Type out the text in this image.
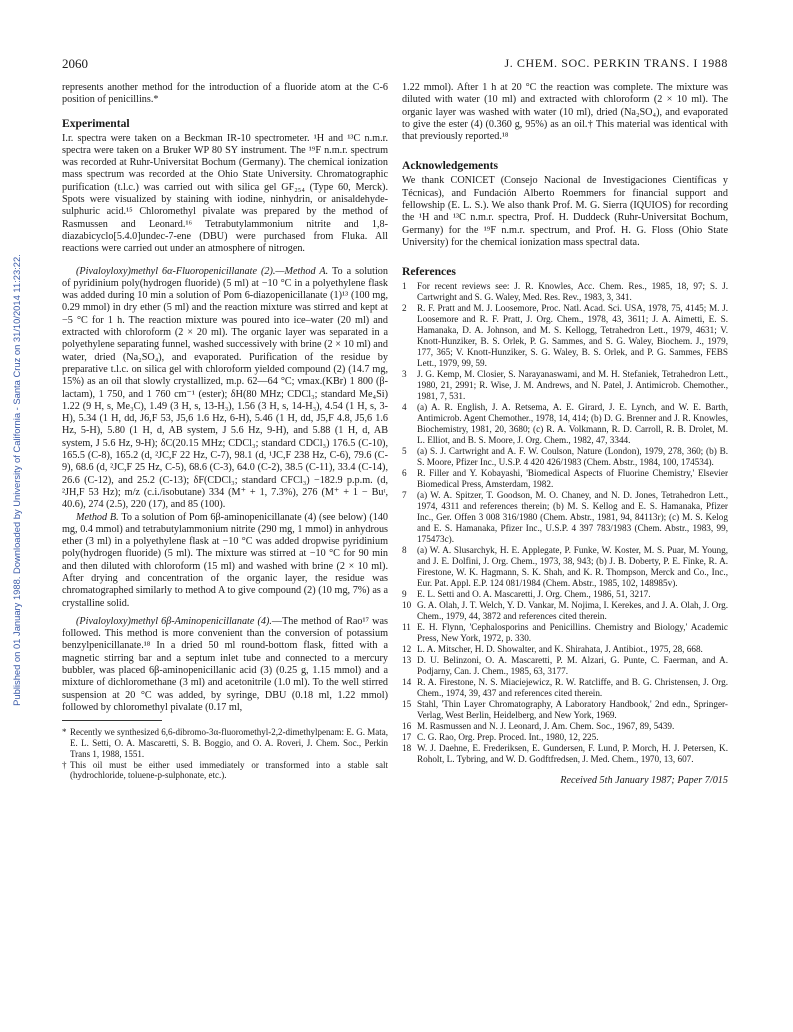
Published on 01 January 1988. Downloaded by University of California - Santa Cruz on 31/10/2014 11:23:22.
2060	J. CHEM. SOC. PERKIN TRANS. I 1988

represents another method for the introduction of a fluoride atom at the C-6 position of penicillins.*

Experimental

I.r. spectra were taken on a Beckman IR-10 spectrometer. ¹H and ¹³C n.m.r. spectra were taken on a Bruker WP 80 SY instrument. The ¹⁹F n.m.r. spectrum was recorded at Ruhr-Universitat Bochum (Germany). The chemical ionization mass spectrum was recorded at the Ohio State University. Chromatographic purification (t.l.c.) was carried out with silica gel GF₂₅₄ (Type 60, Merck). Spots were visualized by staining with iodine, ninhydrin, or anisaldehyde-sulphuric acid.¹⁵ Chloromethyl pivalate was prepared by the method of Rasmussen and Leonard.¹⁶ Tetrabutylammonium nitrite and 1,8-diazabicyclo[5.4.0]undec-7-ene (DBU) were purchased from Fluka. All reactions were carried out under an atmosphere of nitrogen.

(Pivaloyloxy)methyl 6α-Fluoropenicillanate (2).—Method A. To a solution of pyridinium poly(hydrogen fluoride) (5 ml) at −10 °C in a polyethylene flask was added during 10 min a solution of Pom 6-diazopenicillanate (1)¹³ (100 mg, 0.29 mmol) in dry ether (5 ml) and the reaction mixture was stirred and kept at −5 °C for 1 h. The reaction mixture was poured into ice–water (20 ml) and extracted with chloroform (2 × 20 ml). The organic layer was separated in a polyethylene separating funnel, washed successively with brine (2 × 10 ml) and water, dried (Na₂SO₄), and evaporated. Purification of the residue by preparative t.l.c. on silica gel with chloroform yielded compound (2) (14.7 mg, 15%) as an oil that slowly crystallized, m.p. 62—64 °C; νmax.(KBr) 1 800 (β-lactam), 1 750, and 1 760 cm⁻¹ (ester); δH(80 MHz; CDCl₃; standard Me₄Si) 1.22 (9 H, s, Me₃C), 1.49 (3 H, s, 13-H₃), 1.56 (3 H, s, 14-H₃), 4.54 (1 H, s, 3-H), 5.34 (1 H, dd, J6,F 53, J5,6 1.6 Hz, 6-H), 5.46 (1 H, dd, J5,F 4.8, J5,6 1.6 Hz, 5-H), 5.80 (1 H, d, AB system, J 5.6 Hz, 9-H), and 5.88 (1 H, d, AB system, J 5.6 Hz, 9-H); δC(20.15 MHz; CDCl₃; standard CDCl₃) 176.5 (C-10), 165.5 (C-8), 165.2 (d, ²JC,F 22 Hz, C-7), 98.1 (d, ¹JC,F 238 Hz, C-6), 79.6 (C-9), 68.6 (d, ²JC,F 25 Hz, C-5), 68.6 (C-3), 64.0 (C-2), 38.5 (C-11), 33.4 (C-14), 26.6 (C-12), and 25.2 (C-13); δF(CDCl₃; standard CFCl₃) −182.9 p.p.m. (d, ²JH,F 53 Hz); m/z (c.i./isobutane) 334 (M⁺ + 1, 7.3%), 276 (M⁺ + 1 − Buᵗ, 40.6), 274 (2.5), 220 (17), and 85 (100).

Method B. To a solution of Pom 6β-aminopenicillanate (4) (see below) (140 mg, 0.4 mmol) and tetrabutylammonium nitrite (290 mg, 1 mmol) in anhydrous ether (3 ml) in a polyethylene flask at −10 °C was added dropwise pyridinium poly(hydrogen fluoride) (5 ml). The mixture was stirred at −10 °C for 90 min and then diluted with chloroform (15 ml) and washed with brine (2 × 10 ml). After drying and concentration of the organic layer, the residue was chromatographed similarly to method A to give compound (2) (10 mg, 7%) as a crystalline solid.

(Pivaloyloxy)methyl 6β-Aminopenicillanate (4).—The method of Rao¹⁷ was followed. This method is more convenient than the conversion of potassium benzylpenicillanate.¹⁸ In a dried 50 ml round-bottom flask, fitted with a magnetic stirring bar and a septum inlet tube and connected to a mercury bubbler, was placed 6β-aminopenicillanic acid (3) (0.25 g, 1.15 mmol) and a mixture of dichloromethane (3 ml) and acetonitrile (1.0 ml). To the well stirred suspension at 20 °C was added, by syringe, DBU (0.18 ml, 1.22 mmol) followed by chloromethyl pivalate (0.17 ml,

* Recently we synthesized 6,6-dibromo-3α-fluoromethyl-2,2-dimethylpenam: E. G. Mata, E. L. Setti, O. A. Mascaretti, S. B. Boggio, and O. A. Roveri, J. Chem. Soc., Perkin Trans 1, 1988, 1551.
† This oil must be either used immediately or transformed into a stable salt (hydrochloride, toluene-p-sulphonate, etc.).

1.22 mmol). After 1 h at 20 °C the reaction was complete. The mixture was diluted with water (10 ml) and extracted with chloroform (2 × 10 ml). The organic layer was washed with water (10 ml), dried (Na₂SO₄), and evaporated to give the ester (4) (0.360 g, 95%) as an oil.† This material was identical with that previously reported.¹⁸

Acknowledgements

We thank CONICET (Consejo Nacional de Investigaciones Científicas y Técnicas), and Fundación Alberto Roemmers for financial support and fellowship (E. L. S.). We also thank Prof. M. G. Sierra (IQUIOS) for recording the ¹H and ¹³C n.m.r. spectra, Prof. H. Duddeck (Ruhr-Universitat Bochum, Germany) for the ¹⁹F n.m.r. spectrum, and Prof. H. G. Floss (Ohio State University) for the chemical ionization mass spectral data.

References
1 For recent reviews see: J. R. Knowles, Acc. Chem. Res., 1985, 18, 97; S. J. Cartwright and S. G. Waley, Med. Res. Rev., 1983, 3, 341.
2 R. F. Pratt and M. J. Loosemore, Proc. Natl. Acad. Sci. USA, 1978, 75, 4145; M. J. Loosemore and R. F. Pratt, J. Org. Chem., 1978, 43, 3611; J. A. Aimetti, E. S. Hamanaka, D. A. Johnson, and M. S. Kellogg, Tetrahedron Lett., 1979, 4631; V. Knott-Hunziker, B. S. Orlek, P. G. Sammes, and S. G. Waley, Biochem. J., 1979, 177, 365; V. Knott-Hunziker, S. G. Waley, B. S. Orlek, and P. G. Sammes, FEBS Lett., 1979, 99, 59.
3 J. G. Kemp, M. Closier, S. Narayanaswami, and M. H. Stefaniek, Tetrahedron Lett., 1980, 21, 2991; R. Wise, J. M. Andrews, and N. Patel, J. Antimicrob. Chemother., 1981, 7, 531.
4 (a) A. R. English, J. A. Retsema, A. E. Girard, J. E. Lynch, and W. E. Barth, Antimicrob. Agent Chemother., 1978, 14, 414; (b) D. G. Brenner and J. R. Knowles, Biochemistry, 1981, 20, 3680; (c) R. A. Volkmann, R. D. Carroll, R. B. Drolet, M. L. Elliot, and B. S. Moore, J. Org. Chem., 1982, 47, 3344.
5 (a) S. J. Cartwright and A. F. W. Coulson, Nature (London), 1979, 278, 360; (b) B. S. Moore, Pfizer Inc., U.S.P. 4 420 426/1983 (Chem. Abstr., 1984, 100, 174534).
6 R. Filler and Y. Kobayashi, 'Biomedical Aspects of Fluorine Chemistry,' Elsevier Biomedical Press, Amsterdam, 1982.
7 (a) W. A. Spitzer, T. Goodson, M. O. Chaney, and N. D. Jones, Tetrahedron Lett., 1974, 4311 and references therein; (b) M. S. Kellog and E. S. Hamanaka, Pfizer Inc., Ger. Offen 3 008 316/1980 (Chem. Abstr., 1981, 94, 84113r); (c) M. S. Kelog and E. S. Hamanaka, Pfizer Inc., U.S.P. 4 397 783/1983 (Chem. Abstr., 1983, 99, 175473c).
8 (a) W. A. Slusarchyk, H. E. Applegate, P. Funke, W. Koster, M. S. Puar, M. Young, and J. E. Dolfini, J. Org. Chem., 1973, 38, 943; (b) J. B. Doberty, P. E. Finke, R. A. Firestone, W. K. Hagmann, S. K. Shah, and K. R. Thompson, Merck and Co., Inc., Eur. Pat. Appl. E.P. 124 081/1984 (Chem. Abstr., 1985, 102, 148985v).
9 E. L. Setti and O. A. Mascaretti, J. Org. Chem., 1986, 51, 3217.
10 G. A. Olah, J. T. Welch, Y. D. Vankar, M. Nojima, I. Kerekes, and J. A. Olah, J. Org. Chem., 1979, 44, 3872 and references cited therein.
11 E. H. Flynn, 'Cephalosporins and Penicillins. Chemistry and Biology,' Academic Press, New York, 1972, p. 330.
12 L. A. Mitscher, H. D. Showalter, and K. Shirahata, J. Antibiot., 1975, 28, 668.
13 D. U. Belinzoni, O. A. Mascaretti, P. M. Alzari, G. Punte, C. Faerman, and A. Podjarny, Can. J. Chem., 1985, 63, 3177.
14 R. A. Firestone, N. S. Miaciejewicz, R. W. Ratcliffe, and B. G. Christensen, J. Org. Chem., 1974, 39, 437 and references cited therein.
15 Stahl, 'Thin Layer Chromatography, A Laboratory Handbook,' 2nd edn., Springer-Verlag, West Berlin, Heidelberg, and New York, 1969.
16 M. Rasmussen and N. J. Leonard, J. Am. Chem. Soc., 1967, 89, 5439.
17 C. G. Rao, Org. Prep. Proced. Int., 1980, 12, 225.
18 W. J. Daehne, E. Frederiksen, E. Gundersen, F. Lund, P. Morch, H. J. Petersen, K. Roholt, L. Tybring, and W. D. Godftfredsen, J. Med. Chem., 1970, 13, 607.
Received 5th January 1987; Paper 7/015
